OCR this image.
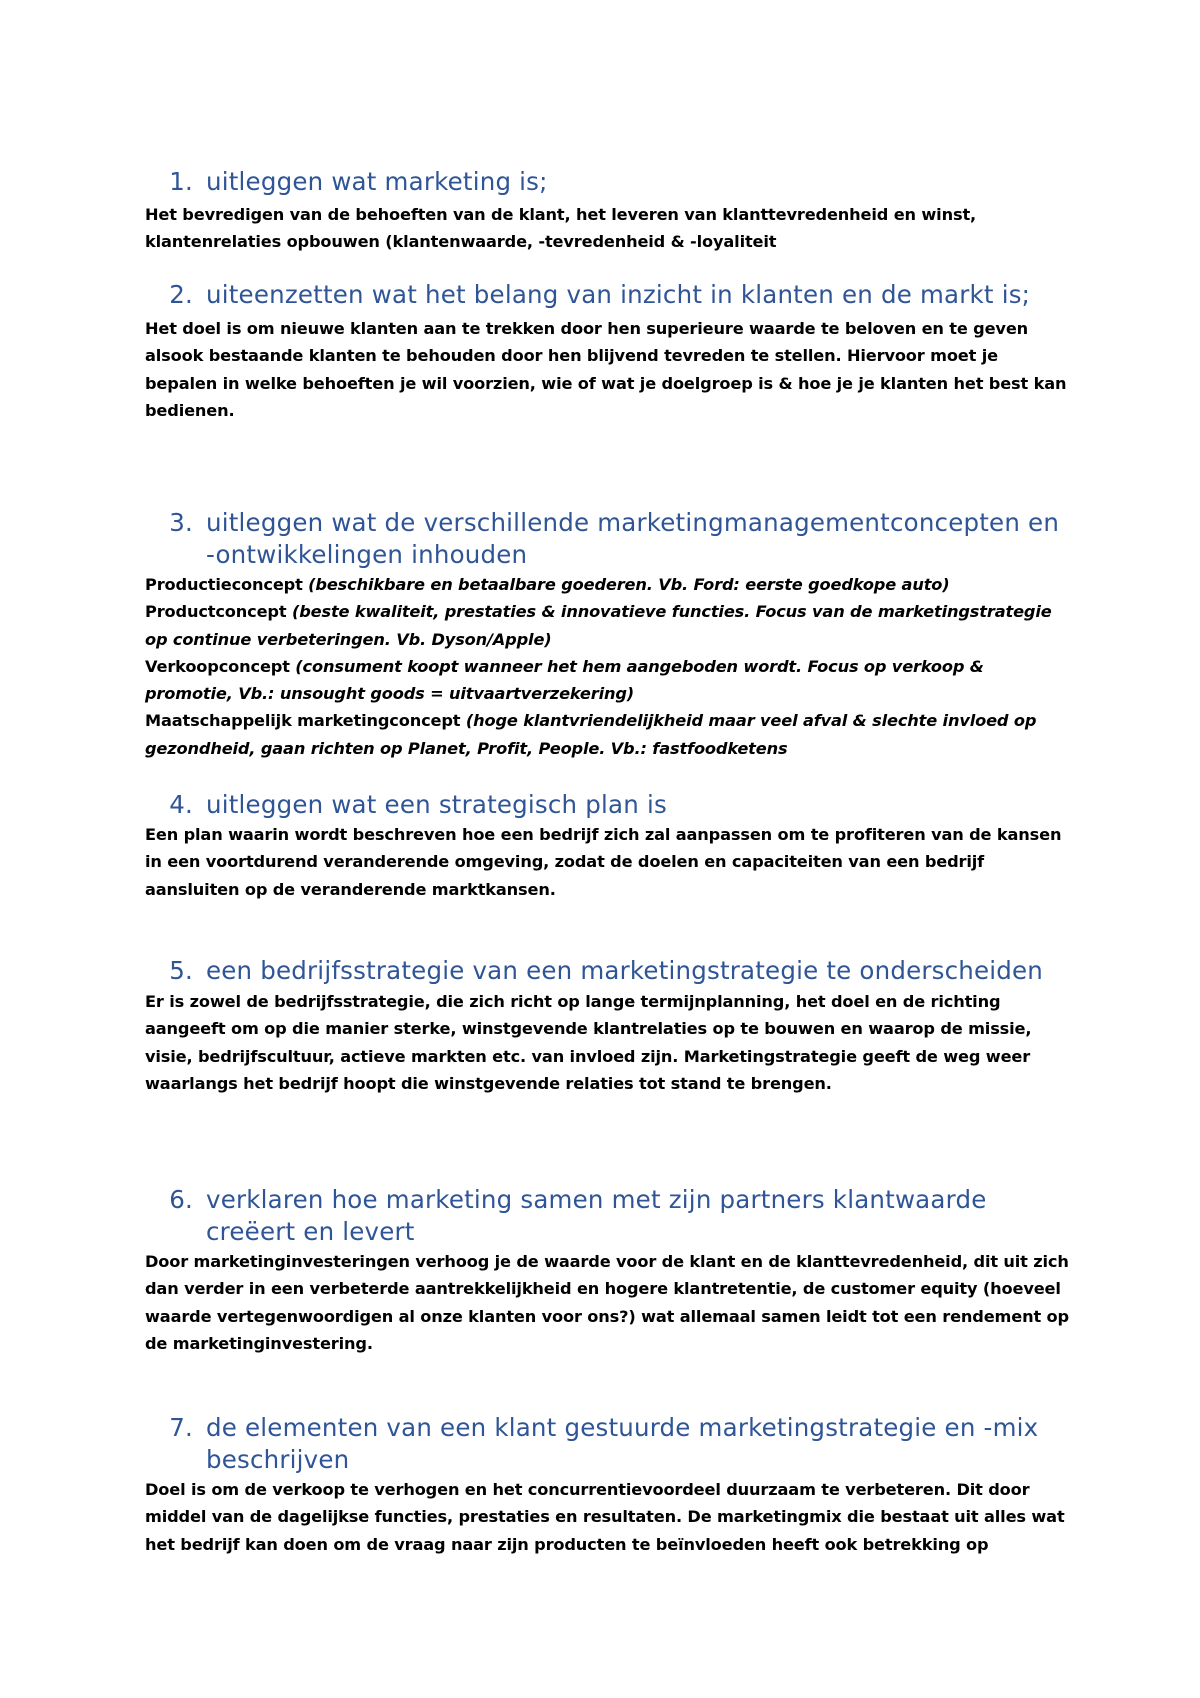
1. uitleggen wat marketing is;

Het bevredigen van de behoeften van de klant, het leveren van klanttevredenheid en winst, klantenrelaties opbouwen (klantenwaarde, -tevredenheid & -loyaliteit

2. uiteenzetten wat het belang van inzicht in klanten en de markt is;

Het doel is om nieuwe klanten aan te trekken door hen superieure waarde te beloven en te geven alsook bestaande klanten te behouden door hen blijvend tevreden te stellen. Hiervoor moet je bepalen in welke behoeften je wil voorzien, wie of wat je doelgroep is & hoe je je klanten het best kan bedienen.

3. uitleggen wat de verschillende marketingmanagementconcepten en -ontwikkelingen inhouden

Productieconcept (beschikbare en betaalbare goederen. Vb. Ford: eerste goedkope auto)

Productconcept (beste kwaliteit, prestaties & innovatieve functies. Focus van de marketingstrategie op continue verbeteringen. Vb. Dyson/Apple)

Verkoopconcept (consument koopt wanneer het hem aangeboden wordt. Focus op verkoop & promotie, Vb.: unsought goods = uitvaartverzekering)

Maatschappelijk marketingconcept (hoge klantvriendelijkheid maar veel afval & slechte invloed op gezondheid, gaan richten op Planet, Profit, People. Vb.: fastfoodketens

4. uitleggen wat een strategisch plan is

Een plan waarin wordt beschreven hoe een bedrijf zich zal aanpassen om te profiteren van de kansen in een voortdurend veranderende omgeving, zodat de doelen en capaciteiten van een bedrijf aansluiten op de veranderende marktkansen.

5. een bedrijfsstrategie van een marketingstrategie te onderscheiden

Er is zowel de bedrijfsstrategie, die zich richt op lange termijnplanning, het doel en de richting aangeeft om op die manier sterke, winstgevende klantrelaties op te bouwen en waarop de missie, visie, bedrijfscultuur, actieve markten etc. van invloed zijn. Marketingstrategie geeft de weg weer waarlangs het bedrijf hoopt die winstgevende relaties tot stand te brengen.

6. verklaren hoe marketing samen met zijn partners klantwaarde creëert en levert

Door marketinginvesteringen verhoog je de waarde voor de klant en de klanttevredenheid, dit uit zich dan verder in een verbeterde aantrekkelijkheid en hogere klantretentie, de customer equity (hoeveel waarde vertegenwoordigen al onze klanten voor ons?) wat allemaal samen leidt tot een rendement op de marketinginvestering.

7. de elementen van een klant gestuurde marketingstrategie en -mix beschrijven

Doel is om de verkoop te verhogen en het concurrentievoordeel duurzaam te verbeteren. Dit door middel van de dagelijkse functies, prestaties en resultaten. De marketingmix die bestaat uit alles wat het bedrijf kan doen om de vraag naar zijn producten te beïnvloeden heeft ook betrekking op
